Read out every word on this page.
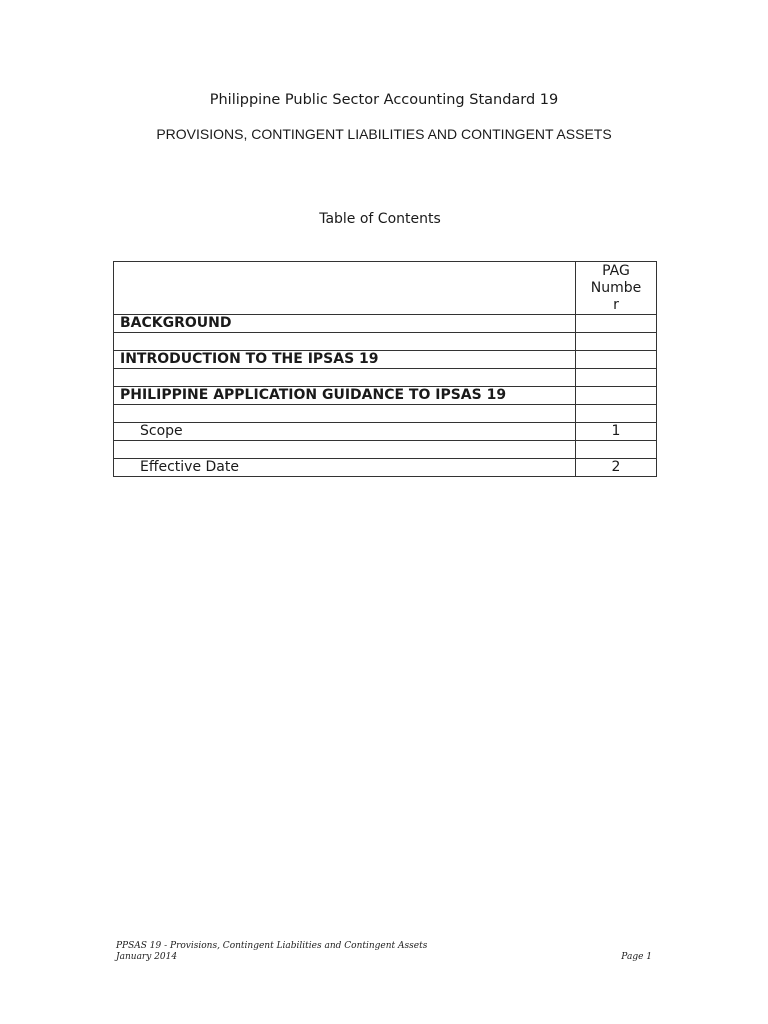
Philippine Public Sector Accounting Standard 19
PROVISIONS, CONTINGENT LIABILITIES AND CONTINGENT ASSETS
Table of Contents

	PAG
Numbe
r

BACKGROUND	

INTRODUCTION TO THE IPSAS 19	

PHILIPPINE APPLICATION GUIDANCE TO IPSAS 19	

Scope	1

Effective Date	2
PPSAS 19 - Provisions, Contingent Liabilities and Contingent Assets
January 2014	Page 1
